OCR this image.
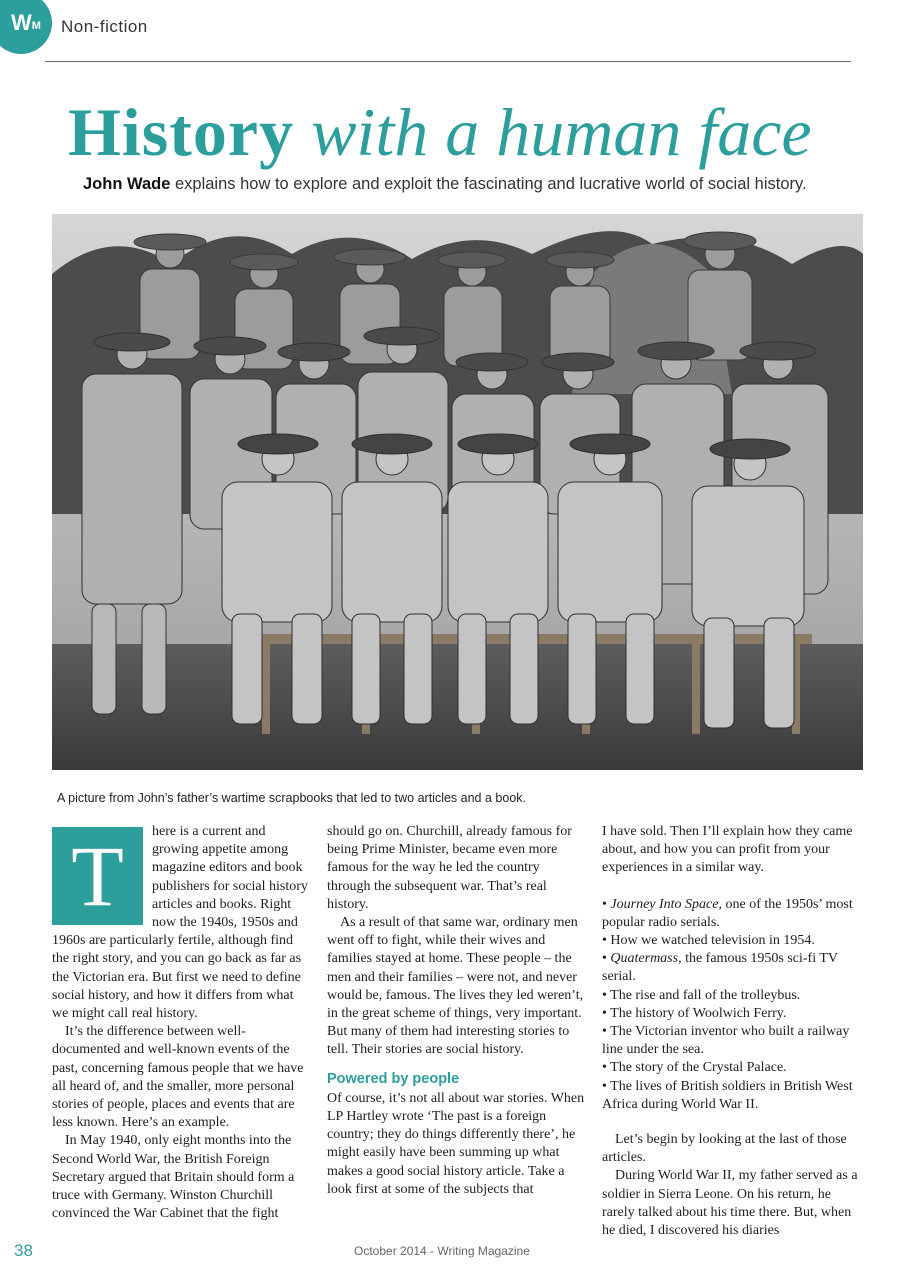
W M Non-fiction
History with a human face
John Wade explains how to explore and exploit the fascinating and lucrative world of social history.
A picture from John’s father’s wartime scrapbooks that led to two articles and a book.
T	here is a current and growing appetite among magazine editors and book publishers for social history articles and books. Right now the 1940s, 1950s and 1960s are particularly fertile, although find the right story, and you can go back as far as the Victorian era. But first we need to define social history, and how it differs from what we might call real history.

It’s the difference between well-documented and well-known events of the past, concerning famous people that we have all heard of, and the smaller, more personal stories of people, places and events that are less known. Here’s an example.

In May 1940, only eight months into the Second World War, the British Foreign Secretary argued that Britain should form a truce with Germany. Winston Churchill convinced the War Cabinet that the fight

should go on. Churchill, already famous for being Prime Minister, became even more famous for the way he led the country through the subsequent war. That’s real history.

As a result of that same war, ordinary men went off to fight, while their wives and families stayed at home. These people – the men and their families – were not, and never would be, famous. The lives they led weren’t, in the great scheme of things, very important. But many of them had interesting stories to tell. Their stories are social history.

Powered by people

Of course, it’s not all about war stories. When LP Hartley wrote ‘The past is a foreign country; they do things differently there’, he might easily have been summing up what makes a good social history article. Take a look first at some of the subjects that

I have sold. Then I’ll explain how they came about, and how you can profit from your experiences in a similar way.

• Journey Into Space, one of the 1950s’ most popular radio serials.
• How we watched television in 1954.
• Quatermass, the famous 1950s sci-fi TV serial.
• The rise and fall of the trolleybus.
• The history of Woolwich Ferry.
• The Victorian inventor who built a railway line under the sea.
• The story of the Crystal Palace.
• The lives of British soldiers in British West Africa during World War II.

Let’s begin by looking at the last of those articles.

During World War II, my father served as a soldier in Sierra Leone. On his return, he rarely talked about his time there. But, when he died, I discovered his diaries

38	October 2014 - Writing Magazine
